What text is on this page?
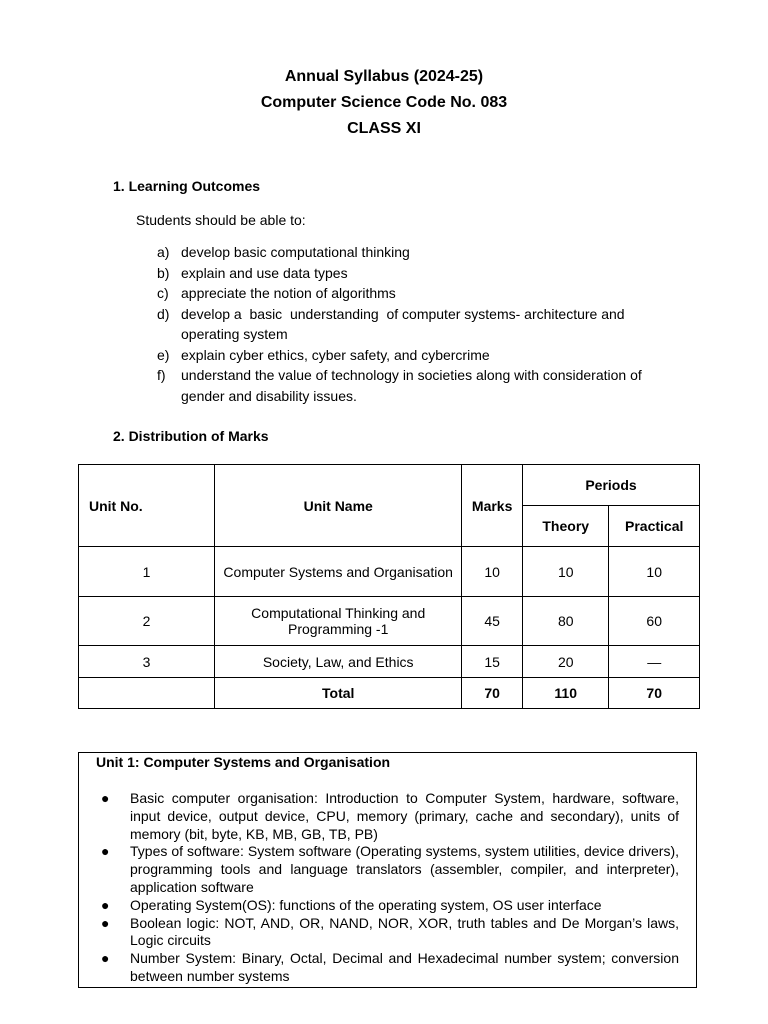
Annual Syllabus (2024-25)

Computer Science Code No. 083

CLASS XI

1. Learning Outcomes

Students should be able to:

a) develop basic computational thinking
b) explain and use data types
c) appreciate the notion of algorithms
d) develop a  basic  understanding  of computer systems- architecture and operating system
e) explain cyber ethics, cyber safety, and cybercrime
f)	understand the value of technology in societies along with consideration of gender and disability issues.

2. Distribution of Marks

Unit No.	Unit Name	Marks	Periods	
			Theory	Practical
1	Computer Systems and Organisation	10	10	10
2	Computational Thinking and Programming -1	45	80	60
3	Society, Law, and Ethics	15	20	—
	Total	70	110	70

Unit 1: Computer Systems and Organisation

●	Basic computer organisation: Introduction to Computer System, hardware, software, input device, output device, CPU, memory (primary, cache and secondary), units of memory (bit, byte, KB, MB, GB, TB, PB)
●	Types of software: System software (Operating systems, system utilities, device drivers), programming tools and language translators (assembler, compiler, and interpreter), application software
●	Operating System(OS): functions of the operating system, OS user interface
●	Boolean logic: NOT, AND, OR, NAND, NOR, XOR, truth tables and De Morgan’s laws, Logic circuits
●	Number System: Binary, Octal, Decimal and Hexadecimal number system; conversion between number systems
